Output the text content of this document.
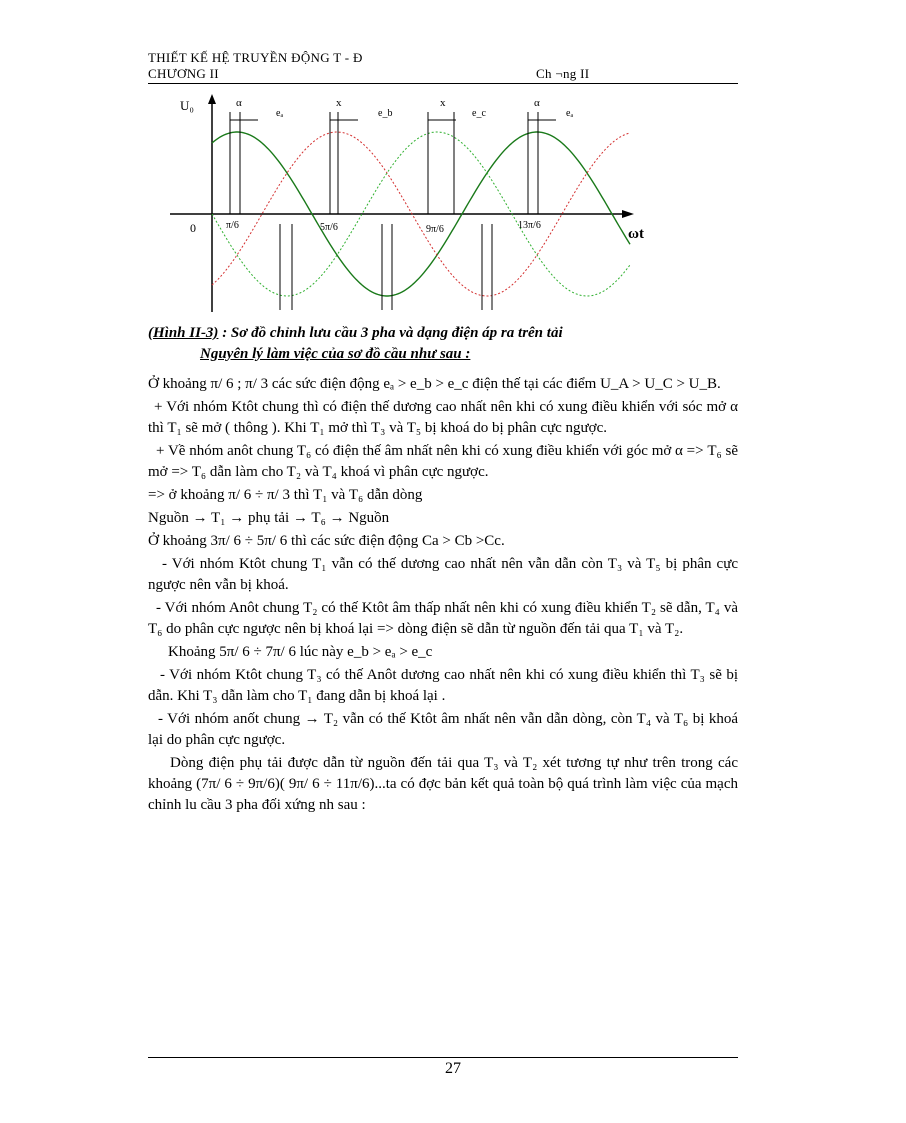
THIẾT KẾ HỆ TRUYỀN ĐỘNG T - Đ
CHƯƠNG II	Ch ¬ng II
U₀
0	ωt
π/6	5π/6	9π/6	13π/6
α	x	x	α
eₐ	e_b	e_c	eₐ
(Hình II-3) : Sơ đồ chỉnh lưu cầu 3 pha và dạng điện áp ra trên tải
Nguyên lý làm việc của sơ đồ cầu như sau :

Ở khoảng π/ 6 ; π/ 3 các sức điện động eₐ > e_b > e_c điện thế tại các điểm U_A > U_C > U_B.

+ Với nhóm Ktôt chung thì có điện thế dương cao nhất nên khi có xung điều khiển với sóc mở α thì T₁ sẽ mở ( thông ). Khi T₁ mở thì T₃ và T₅ bị khoá do bị phân cực ngược.

+ Về nhóm anôt chung T₆ có điện thế âm nhất nên khi có xung điều khiển với góc mở α => T₆ sẽ mở => T₆ dẫn làm cho T₂ và T₄ khoá vì phân cực ngược.

=> ở khoảng π/ 6 ÷ π/ 3 thì T₁ và T₆ dẫn dòng

Nguồn → T₁ → phụ tải → T₆ → Nguồn

Ở khoảng 3π/ 6 ÷ 5π/ 6 thì các sức điện động Ca > Cb >Cc.

- Với nhóm Ktôt chung T₁ vẫn có thế dương cao nhất nên vẫn dẫn còn T₃ và T₅ bị phân cực ngược nên vẫn bị khoá.

- Với nhóm Anôt chung T₂ có thế Ktôt âm thấp nhất nên khi có xung điều khiển T₂ sẽ dẫn, T₄ và T₆ do phân cực ngược nên bị khoá lại => dòng điện sẽ dẫn từ nguồn đến tải qua T₁ và T₂.

Khoảng 5π/ 6 ÷ 7π/ 6 lúc này e_b > eₐ > e_c

- Với nhóm Ktôt chung T₃ có thế Anôt dương cao nhất nên khi có xung điều khiển thì T₃ sẽ bị dẫn. Khi T₃ dẫn làm cho T₁ đang dẫn bị khoá lại .

- Với nhóm anốt chung → T₂ vẫn có thế Ktôt âm nhất nên vẫn dẫn dòng, còn T₄ và T₆ bị khoá lại do phân cực ngược.

Dòng điện phụ tải được dẫn từ nguồn đến tải qua T₃ và T₂ xét tương tự như trên trong các khoảng (7π/ 6 ÷ 9π/6)( 9π/ 6 ÷ 11π/6)...ta có đợc bản kết quả toàn bộ quá trình làm việc của mạch chỉnh lu cầu 3 pha đối xứng nh sau :

27
